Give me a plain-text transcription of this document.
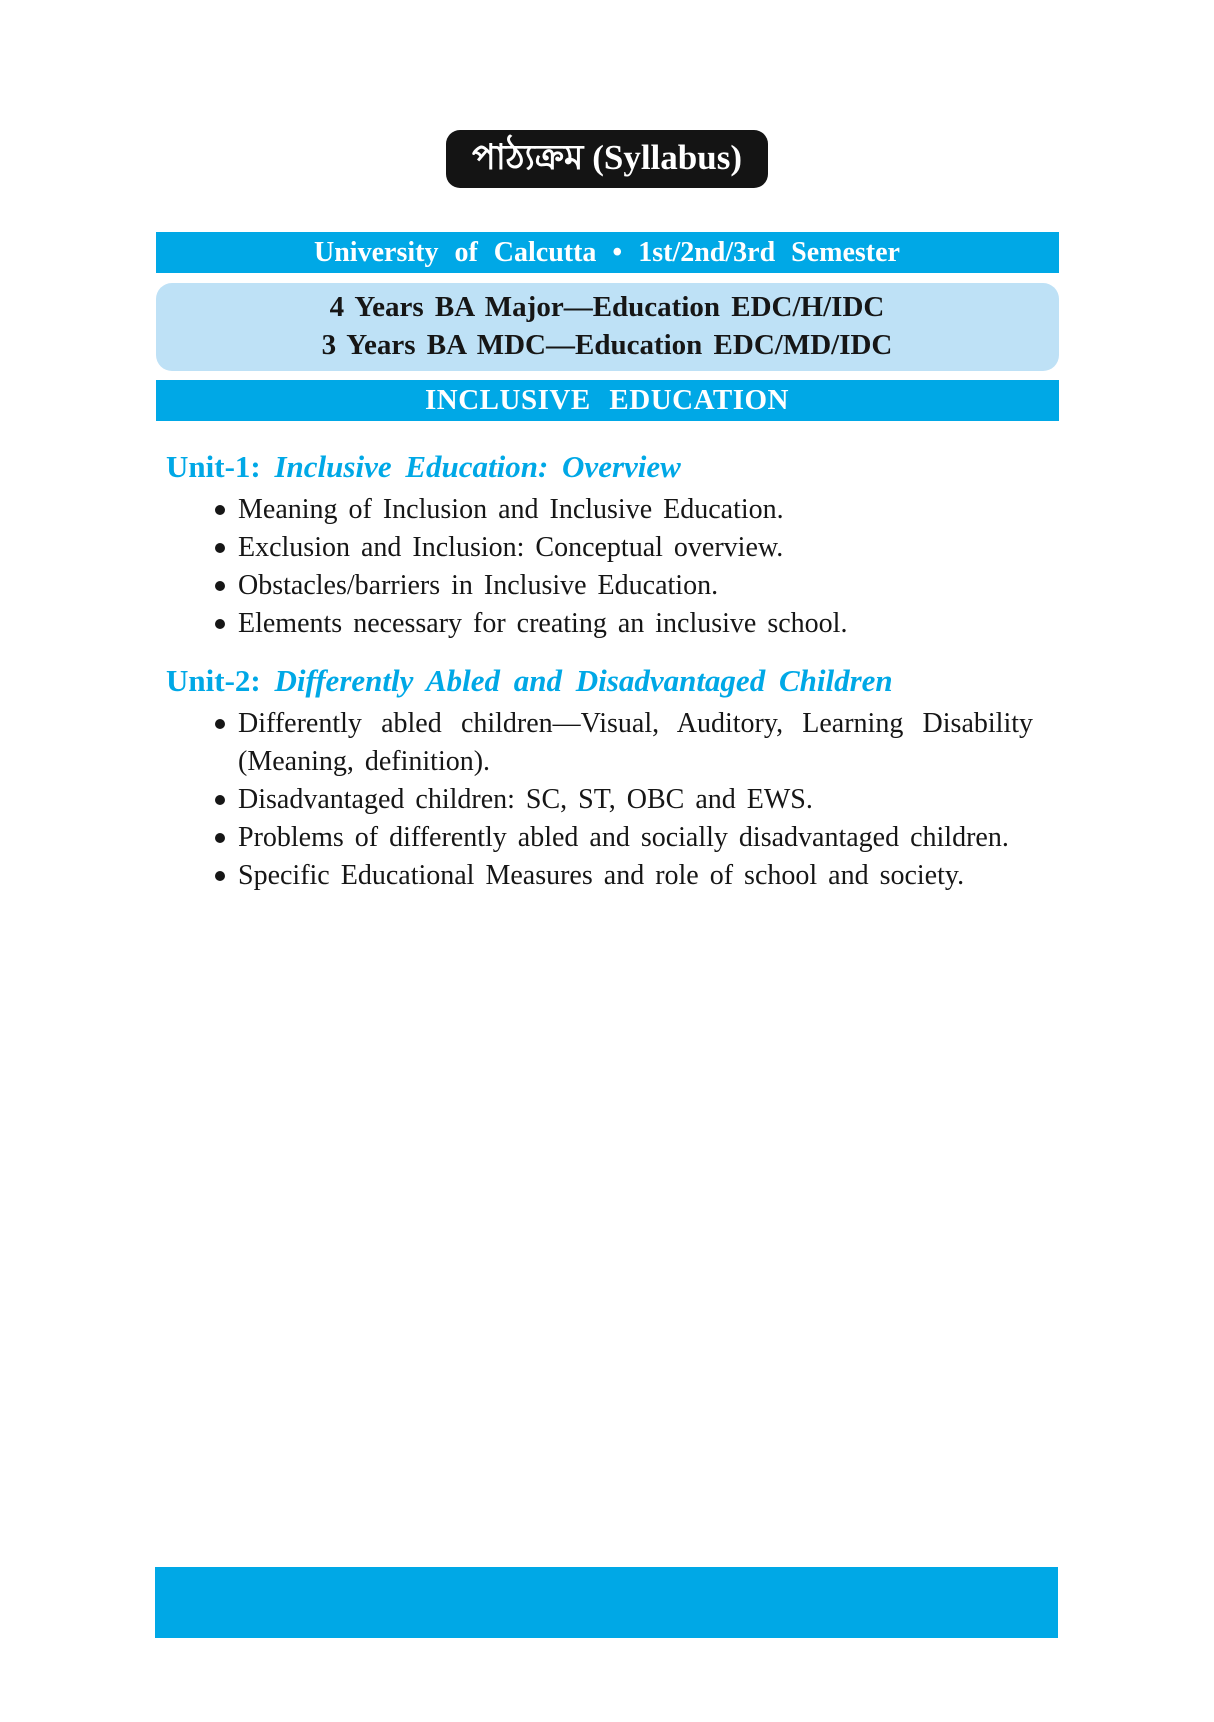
পাঠ্যক্রম (Syllabus)
University of Calcutta • 1st/2nd/3rd Semester
4 Years BA Major—Education EDC/H/IDC
3 Years BA MDC—Education EDC/MD/IDC
INCLUSIVE EDUCATION
Unit-1: Inclusive Education: Overview
Meaning of Inclusion and Inclusive Education.
Exclusion and Inclusion: Conceptual overview.
Obstacles/barriers in Inclusive Education.
Elements necessary for creating an inclusive school.
Unit-2: Differently Abled and Disadvantaged Children
Differently abled children—Visual, Auditory, Learning Disability (Meaning, definition).
Disadvantaged children: SC, ST, OBC and EWS.
Problems of differently abled and socially disadvantaged children.
Specific Educational Measures and role of school and society.
